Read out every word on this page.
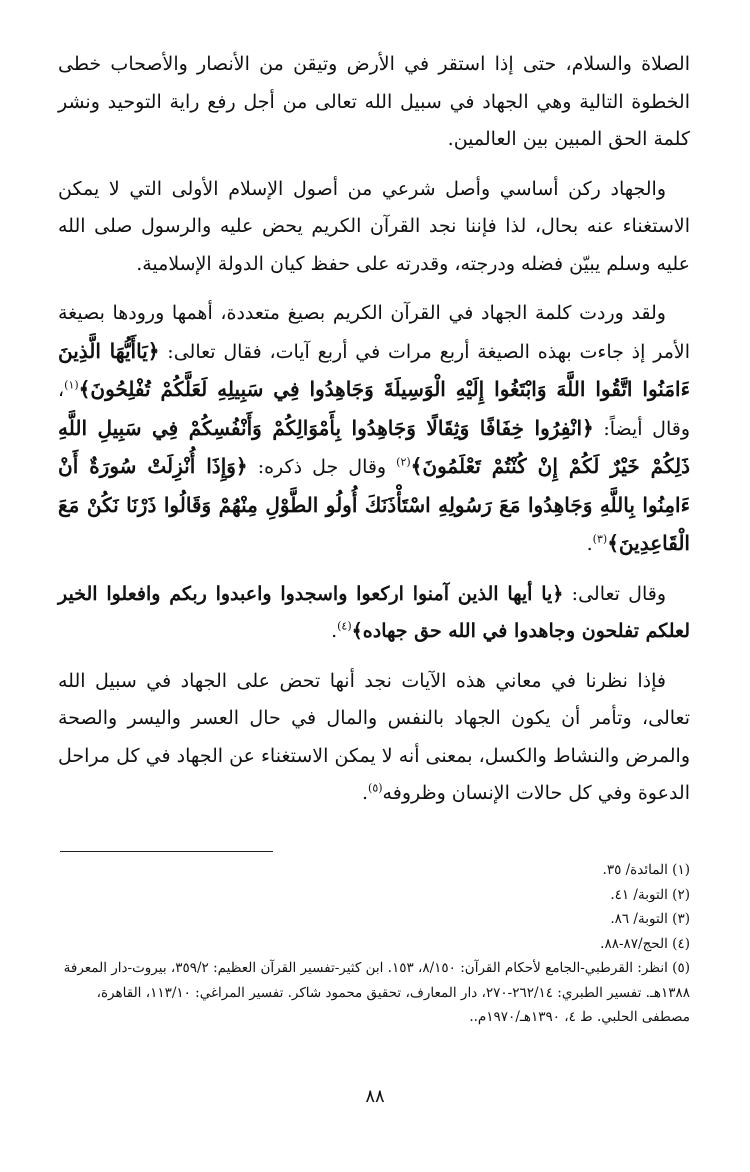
الصلاة والسلام، حتى إذا استقر في الأرض وتيقن من الأنصار والأصحاب خطى الخطوة التالية وهي الجهاد في سبيل الله تعالى من أجل رفع راية التوحيد ونشر كلمة الحق المبين بين العالمين.

والجهاد ركن أساسي وأصل شرعي من أصول الإسلام الأولى التي لا يمكن الاستغناء عنه بحال، لذا فإننا نجد القرآن الكريم يحض عليه والرسول صلى الله عليه وسلم يبيّن فضله ودرجته، وقدرته على حفظ كيان الدولة الإسلامية.

ولقد وردت كلمة الجهاد في القرآن الكريم بصيغ متعددة، أهمها ورودها بصيغة الأمر إذ جاءت بهذه الصيغة أربع مرات في أربع آيات، فقال تعالى: ﴿يَاأَيُّهَا الَّذِينَ ءَامَنُوا اتَّقُوا اللَّهَ وَابْتَغُوا إِلَيْهِ الْوَسِيلَةَ وَجَاهِدُوا فِي سَبِيلِهِ لَعَلَّكُمْ تُفْلِحُونَ﴾$^{(١)}$، وقال أيضاً: ﴿انْفِرُوا خِفَافًا وَثِقَالًا وَجَاهِدُوا بِأَمْوَالِكُمْ وَأَنْفُسِكُمْ فِي سَبِيلِ اللَّهِ ذَلِكُمْ خَيْرٌ لَكُمْ إِنْ كُنْتُمْ تَعْلَمُونَ﴾$^{(٢)}$ وقال جل ذكره: ﴿وَإِذَا أُنْزِلَتْ سُورَةٌ أَنْ ءَامِنُوا بِاللَّهِ وَجَاهِدُوا مَعَ رَسُولِهِ اسْتَأْذَنَكَ أُولُو الطَّوْلِ مِنْهُمْ وَقَالُوا ذَرْنَا نَكُنْ مَعَ الْقَاعِدِينَ﴾$^{(٣)}$.

وقال تعالى: ﴿يا أيها الذين آمنوا اركعوا واسجدوا واعبدوا ربكم وافعلوا الخير لعلكم تفلحون وجاهدوا في الله حق جهاده﴾$^{(٤)}$.

فإذا نظرنا في معاني هذه الآيات نجد أنها تحض على الجهاد في سبيل الله تعالى، وتأمر أن يكون الجهاد بالنفس والمال في حال العسر واليسر والصحة والمرض والنشاط والكسل، بمعنى أنه لا يمكن الاستغناء عن الجهاد في كل مراحل الدعوة وفي كل حالات الإنسان وظروفه$^{(٥)}$.

(١) المائدة/ ٣٥.
(٢) التوبة/ ٤١.
(٣) التوبة/ ٨٦.
(٤) الحج/٨٧-٨٨.
(٥) انظر: القرطبي-الجامع لأحكام القرآن: ٨/١٥٠، ١٥٣. ابن كثير-تفسير القرآن العظيم: ٣٥٩/٢، بيروت-دار المعرفة ١٣٨٨هـ. تفسير الطبري: ٢٦٢/١٤-٢٧٠، دار المعارف، تحقيق محمود شاكر. تفسير المراغي: ١١٣/١٠، القاهرة، مصطفى الحلبي. ط ٤، ١٣٩٠هـ/١٩٧٠م..
٨٨
